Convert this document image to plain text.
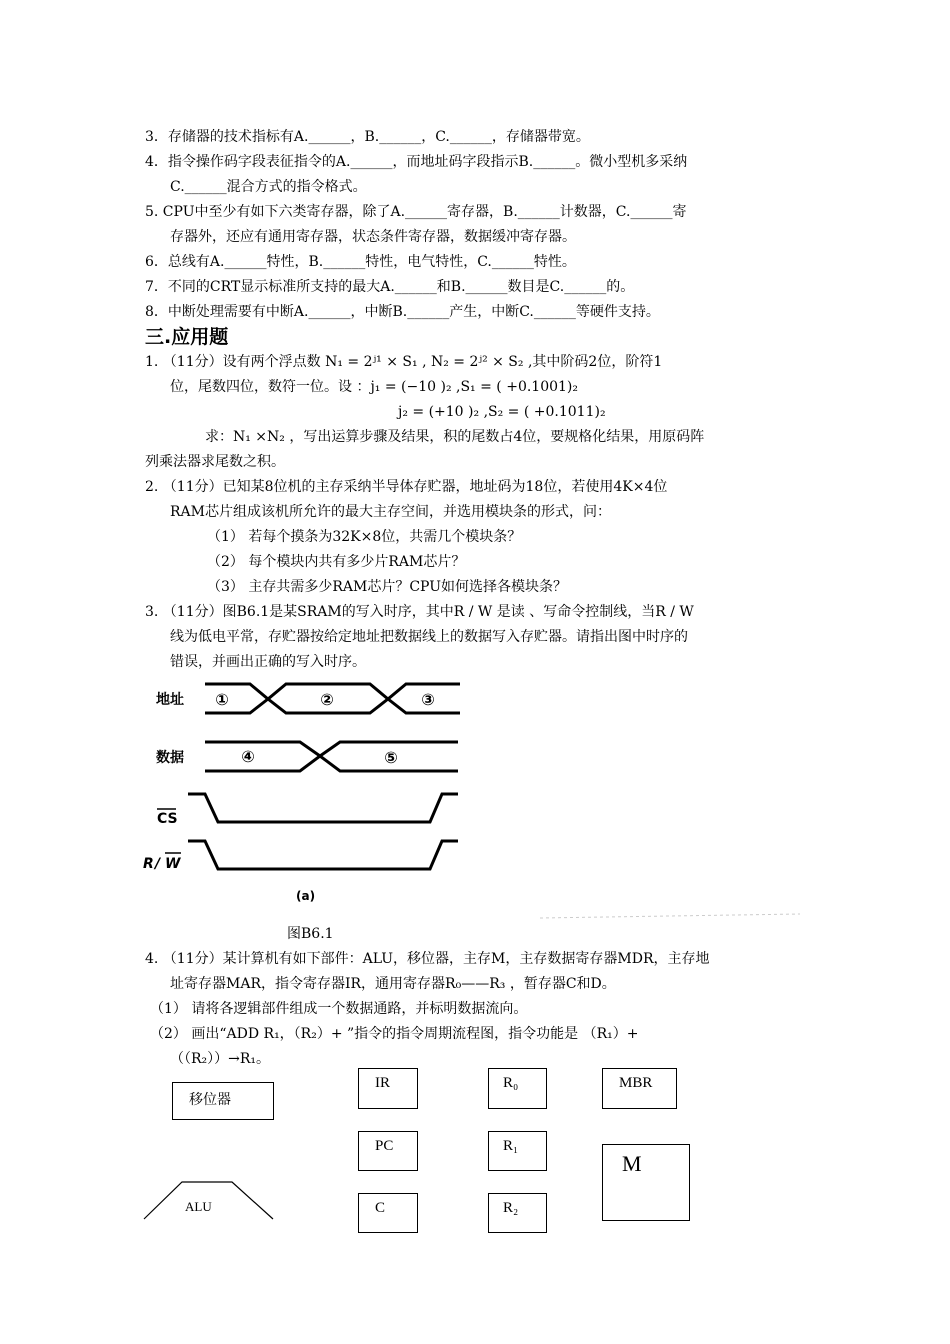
3．存储器的技术指标有A.______，B.______，C.______，存储器带宽。
4．指令操作码字段表征指令的A.______，而地址码字段指示B.______。微小型机多采纳
C.______混合方式的指令格式。
5. CPU中至少有如下六类寄存器，除了A.______寄存器，B.______计数器，C.______寄
存器外，还应有通用寄存器，状态条件寄存器，数据缓冲寄存器。
6．总线有A.______特性，B.______特性，电气特性，C.______特性。
7．不同的CRT显示标准所支持的最大A.______和B.______数目是C.______的。
8．中断处理需要有中断A.______，中断B.______产生，中断C.______等硬件支持。
三.应用题
1. （11分）设有两个浮点数 N₁ = 2ʲ¹ × S₁ , N₂ = 2ʲ² × S₂ ,其中阶码2位，阶符1
位，尾数四位，数符一位。设 ：j₁ = (−10 )₂ ,S₁ = ( +0.1001)₂
j₂ = (+10 )₂ ,S₂ = ( +0.1011)₂
求：N₁ ×N₂ ，写出运算步骤及结果，积的尾数占4位，要规格化结果，用原码阵
列乘法器求尾数之积。
2. （11分）已知某8位机的主存采纳半导体存贮器，地址码为18位，若使用4K×4位
RAM芯片组成该机所允许的最大主存空间，并选用模块条的形式，问：
（1） 若每个摸条为32K×8位，共需几个模块条？
（2） 每个模块内共有多少片RAM芯片？
（3） 主存共需多少RAM芯片？CPU如何选择各模块条？
3. （11分）图B6.1是某SRAM的写入时序，其中R / W 是读 、写命令控制线，当R / W
线为低电平常，存贮器按给定地址把数据线上的数据写入存贮器。请指出图中时序的
错误，并画出正确的写入时序。
地址
数据
CS
R / W
①	②	③
④	⑤
(a)
图B6.1
4. （11分）某计算机有如下部件：ALU，移位器，主存M，主存数据寄存器MDR，主存地
址寄存器MAR，指令寄存器IR，通用寄存器R₀——R₃ ，暂存器C和D。
（1） 请将各逻辑部件组成一个数据通路，并标明数据流向。
（2） 画出“ADD R₁，（R₂）+ ”指令的指令周期流程图，指令功能是 （R₁）+
（（R₂））→R₁。
移位器
ALU
IR
PC
C
R₀
R₁
R₂
MBR
M
